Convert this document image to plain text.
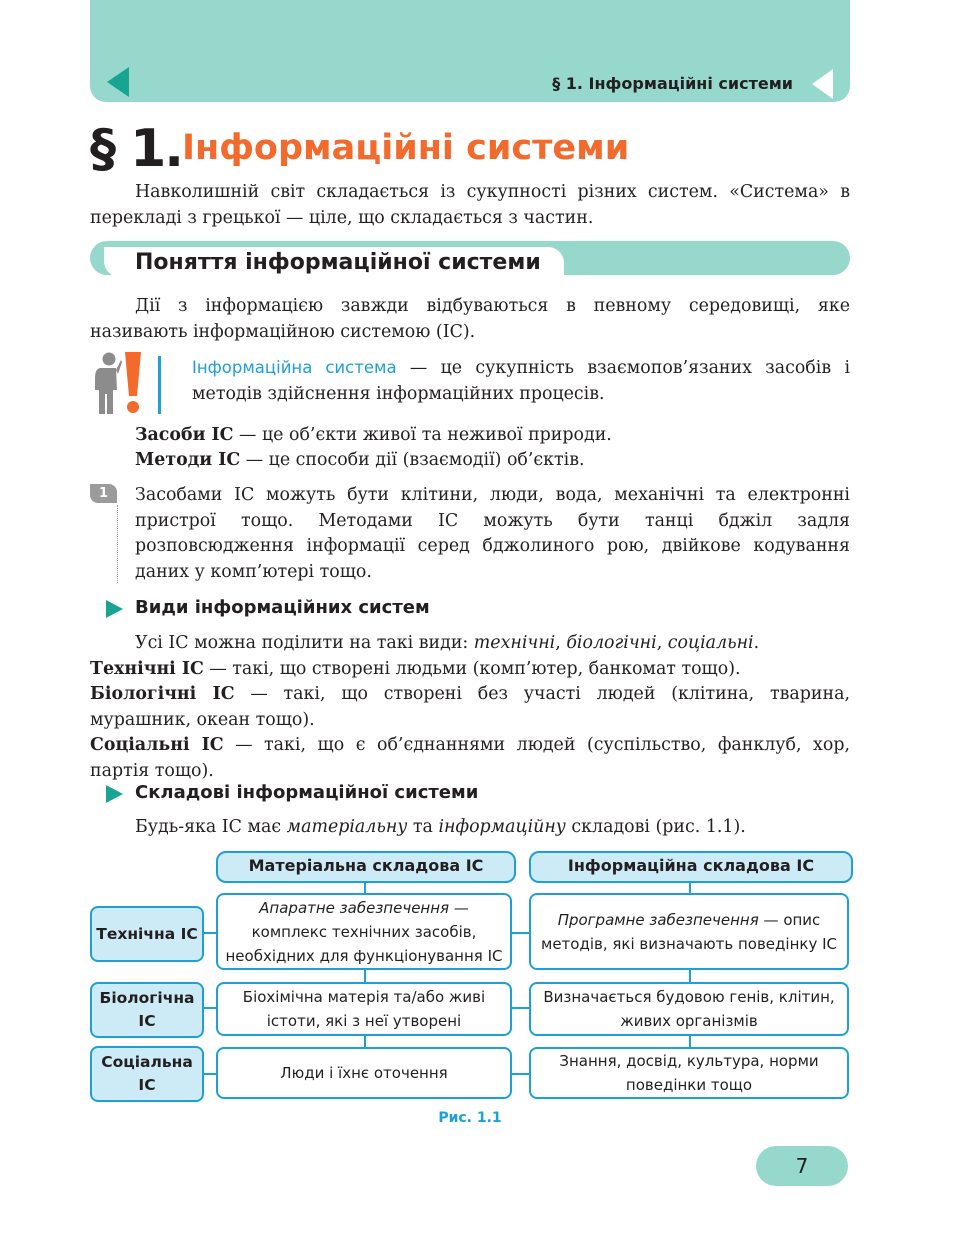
§ 1. Інформаційні системи
§ 1. Інформаційні системи
Навколишній світ складається із сукупності різних систем. «Система» в перекладі з грецької — ціле, що складається з частин.
Поняття інформаційної системи
Дії з інформацією завжди відбуваються в певному середовищі, яке називають інформаційною системою (ІС).
Інформаційна система — це сукупність взаємопов’язаних засобів і методів здійснення інформаційних процесів.
Засоби ІС — це об’єкти живої та неживої природи.
Методи ІС — це способи дії (взаємодії) об’єктів.
1	Засобами ІС можуть бути клітини, люди, вода, механічні та електронні пристрої тощо. Методами ІС можуть бути танці бджіл задля розповсюдження інформації серед бджолиного рою, двійкове кодування даних у комп’ютері тощо.
Види інформаційних систем
Усі ІС можна поділити на такі види: технічні, біологічні, соціальні.
Технічні ІС — такі, що створені людьми (комп’ютер, банкомат тощо).
Біологічні ІС — такі, що створені без участі людей (клітина, тварина, мурашник, океан тощо).
Соціальні ІС — такі, що є об’єднаннями людей (суспільство, фанклуб, хор, партія тощо).
Складові інформаційної системи
Будь-яка ІС має матеріальну та інформаційну складові (рис. 1.1).
Матеріальна складова ІС	Інформаційна складова ІС
Технічна ІС
Апаратне забезпечення — комплекс технічних засобів, необхідних для функціонування ІС
Програмне забезпечення — опис методів, які визначають поведінку ІС
Біологічна ІС
Біохімічна матерія та/або живі істоти, які з неї утворені
Визначається будовою генів, клітин, живих організмів
Соціальна ІС
Люди і їхнє оточення
Знання, досвід, культура, норми поведінки тощо
Рис. 1.1
7
